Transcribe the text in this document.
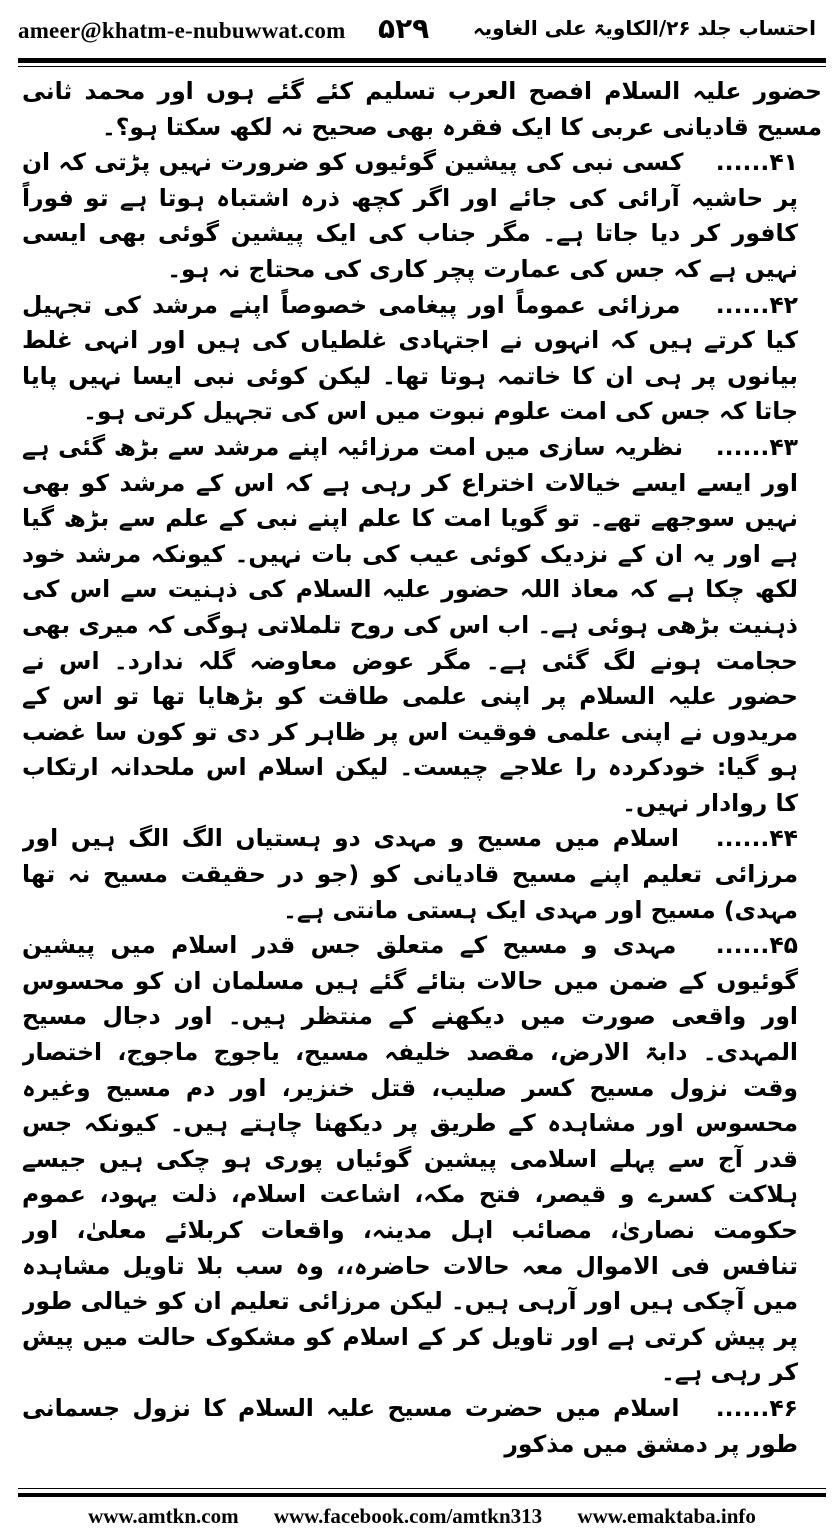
ameer@khatm-e-nubuwwat.com ۵۲۹ احتساب جلد ۲۶/الکاویۃ علی الغاویہ

حضور علیہ السلام افصح العرب تسلیم کئے گئے ہوں اور محمد ثانی مسیح قادیانی عربی کا ایک فقرہ بھی صحیح نہ لکھ سکتا ہو؟۔

۴۱...... کسی نبی کی پیشین گوئیوں کو ضرورت نہیں پڑتی کہ ان پر حاشیہ آرائی کی جائے اور اگر کچھ ذرہ اشتباہ ہوتا ہے تو فوراً کافور کر دیا جاتا ہے۔ مگر جناب کی ایک پیشین گوئی بھی ایسی نہیں ہے کہ جس کی عمارت پچر کاری کی محتاج نہ ہو۔

۴۲...... مرزائی عموماً اور پیغامی خصوصاً اپنے مرشد کی تجہیل کیا کرتے ہیں کہ انہوں نے اجتہادی غلطیاں کی ہیں اور انہی غلط بیانوں پر ہی ان کا خاتمہ ہوتا تھا۔ لیکن کوئی نبی ایسا نہیں پایا جاتا کہ جس کی امت علوم نبوت میں اس کی تجہیل کرتی ہو۔

۴۳...... نظریہ سازی میں امت مرزائیہ اپنے مرشد سے بڑھ گئی ہے اور ایسے ایسے خیالات اختراع کر رہی ہے کہ اس کے مرشد کو بھی نہیں سوجھے تھے۔ تو گویا امت کا علم اپنے نبی کے علم سے بڑھ گیا ہے اور یہ ان کے نزدیک کوئی عیب کی بات نہیں۔ کیونکہ مرشد خود لکھ چکا ہے کہ معاذ اللہ حضور علیہ السلام کی ذہنیت سے اس کی ذہنیت بڑھی ہوئی ہے۔ اب اس کی روح تلملاتی ہوگی کہ میری بھی حجامت ہونے لگ گئی ہے۔ مگر عوض معاوضہ گلہ ندارد۔ اس نے حضور علیہ السلام پر اپنی علمی طاقت کو بڑھایا تھا تو اس کے مریدوں نے اپنی علمی فوقیت اس پر ظاہر کر دی تو کون سا غضب ہو گیا: خودکردہ را علاجے چیست۔ لیکن اسلام اس ملحدانہ ارتکاب کا روادار نہیں۔

۴۴...... اسلام میں مسیح و مہدی دو ہستیاں الگ الگ ہیں اور مرزائی تعلیم اپنے مسیح قادیانی کو (جو در حقیقت مسیح نہ تھا مہدی) مسیح اور مہدی ایک ہستی مانتی ہے۔

۴۵...... مہدی و مسیح کے متعلق جس قدر اسلام میں پیشین گوئیوں کے ضمن میں حالات بتائے گئے ہیں مسلمان ان کو محسوس اور واقعی صورت میں دیکھنے کے منتظر ہیں۔ اور دجال مسیح المہدی۔ دابۃ الارض، مقصد خلیفہ مسیح، یاجوج ماجوج، اختصار وقت نزول مسیح کسر صلیب، قتل خنزیر، اور دم مسیح وغیرہ محسوس اور مشاہدہ کے طریق پر دیکھنا چاہتے ہیں۔ کیونکہ جس قدر آج سے پہلے اسلامی پیشین گوئیاں پوری ہو چکی ہیں جیسے ہلاکت کسرے و قیصر، فتح مکہ، اشاعت اسلام، ذلت یہود، عموم حکومت نصاریٰ، مصائب اہل مدینہ، واقعات کربلائے معلیٰ، اور تنافس فی الاموال معہ حالات حاضرہ،، وہ سب بلا تاویل مشاہدہ میں آچکی ہیں اور آرہی ہیں۔ لیکن مرزائی تعلیم ان کو خیالی طور پر پیش کرتی ہے اور تاویل کر کے اسلام کو مشکوک حالت میں پیش کر رہی ہے۔

۴۶...... اسلام میں حضرت مسیح علیہ السلام کا نزول جسمانی طور پر دمشق میں مذکور

www.amtkn.com www.facebook.com/amtkn313 www.emaktaba.info
